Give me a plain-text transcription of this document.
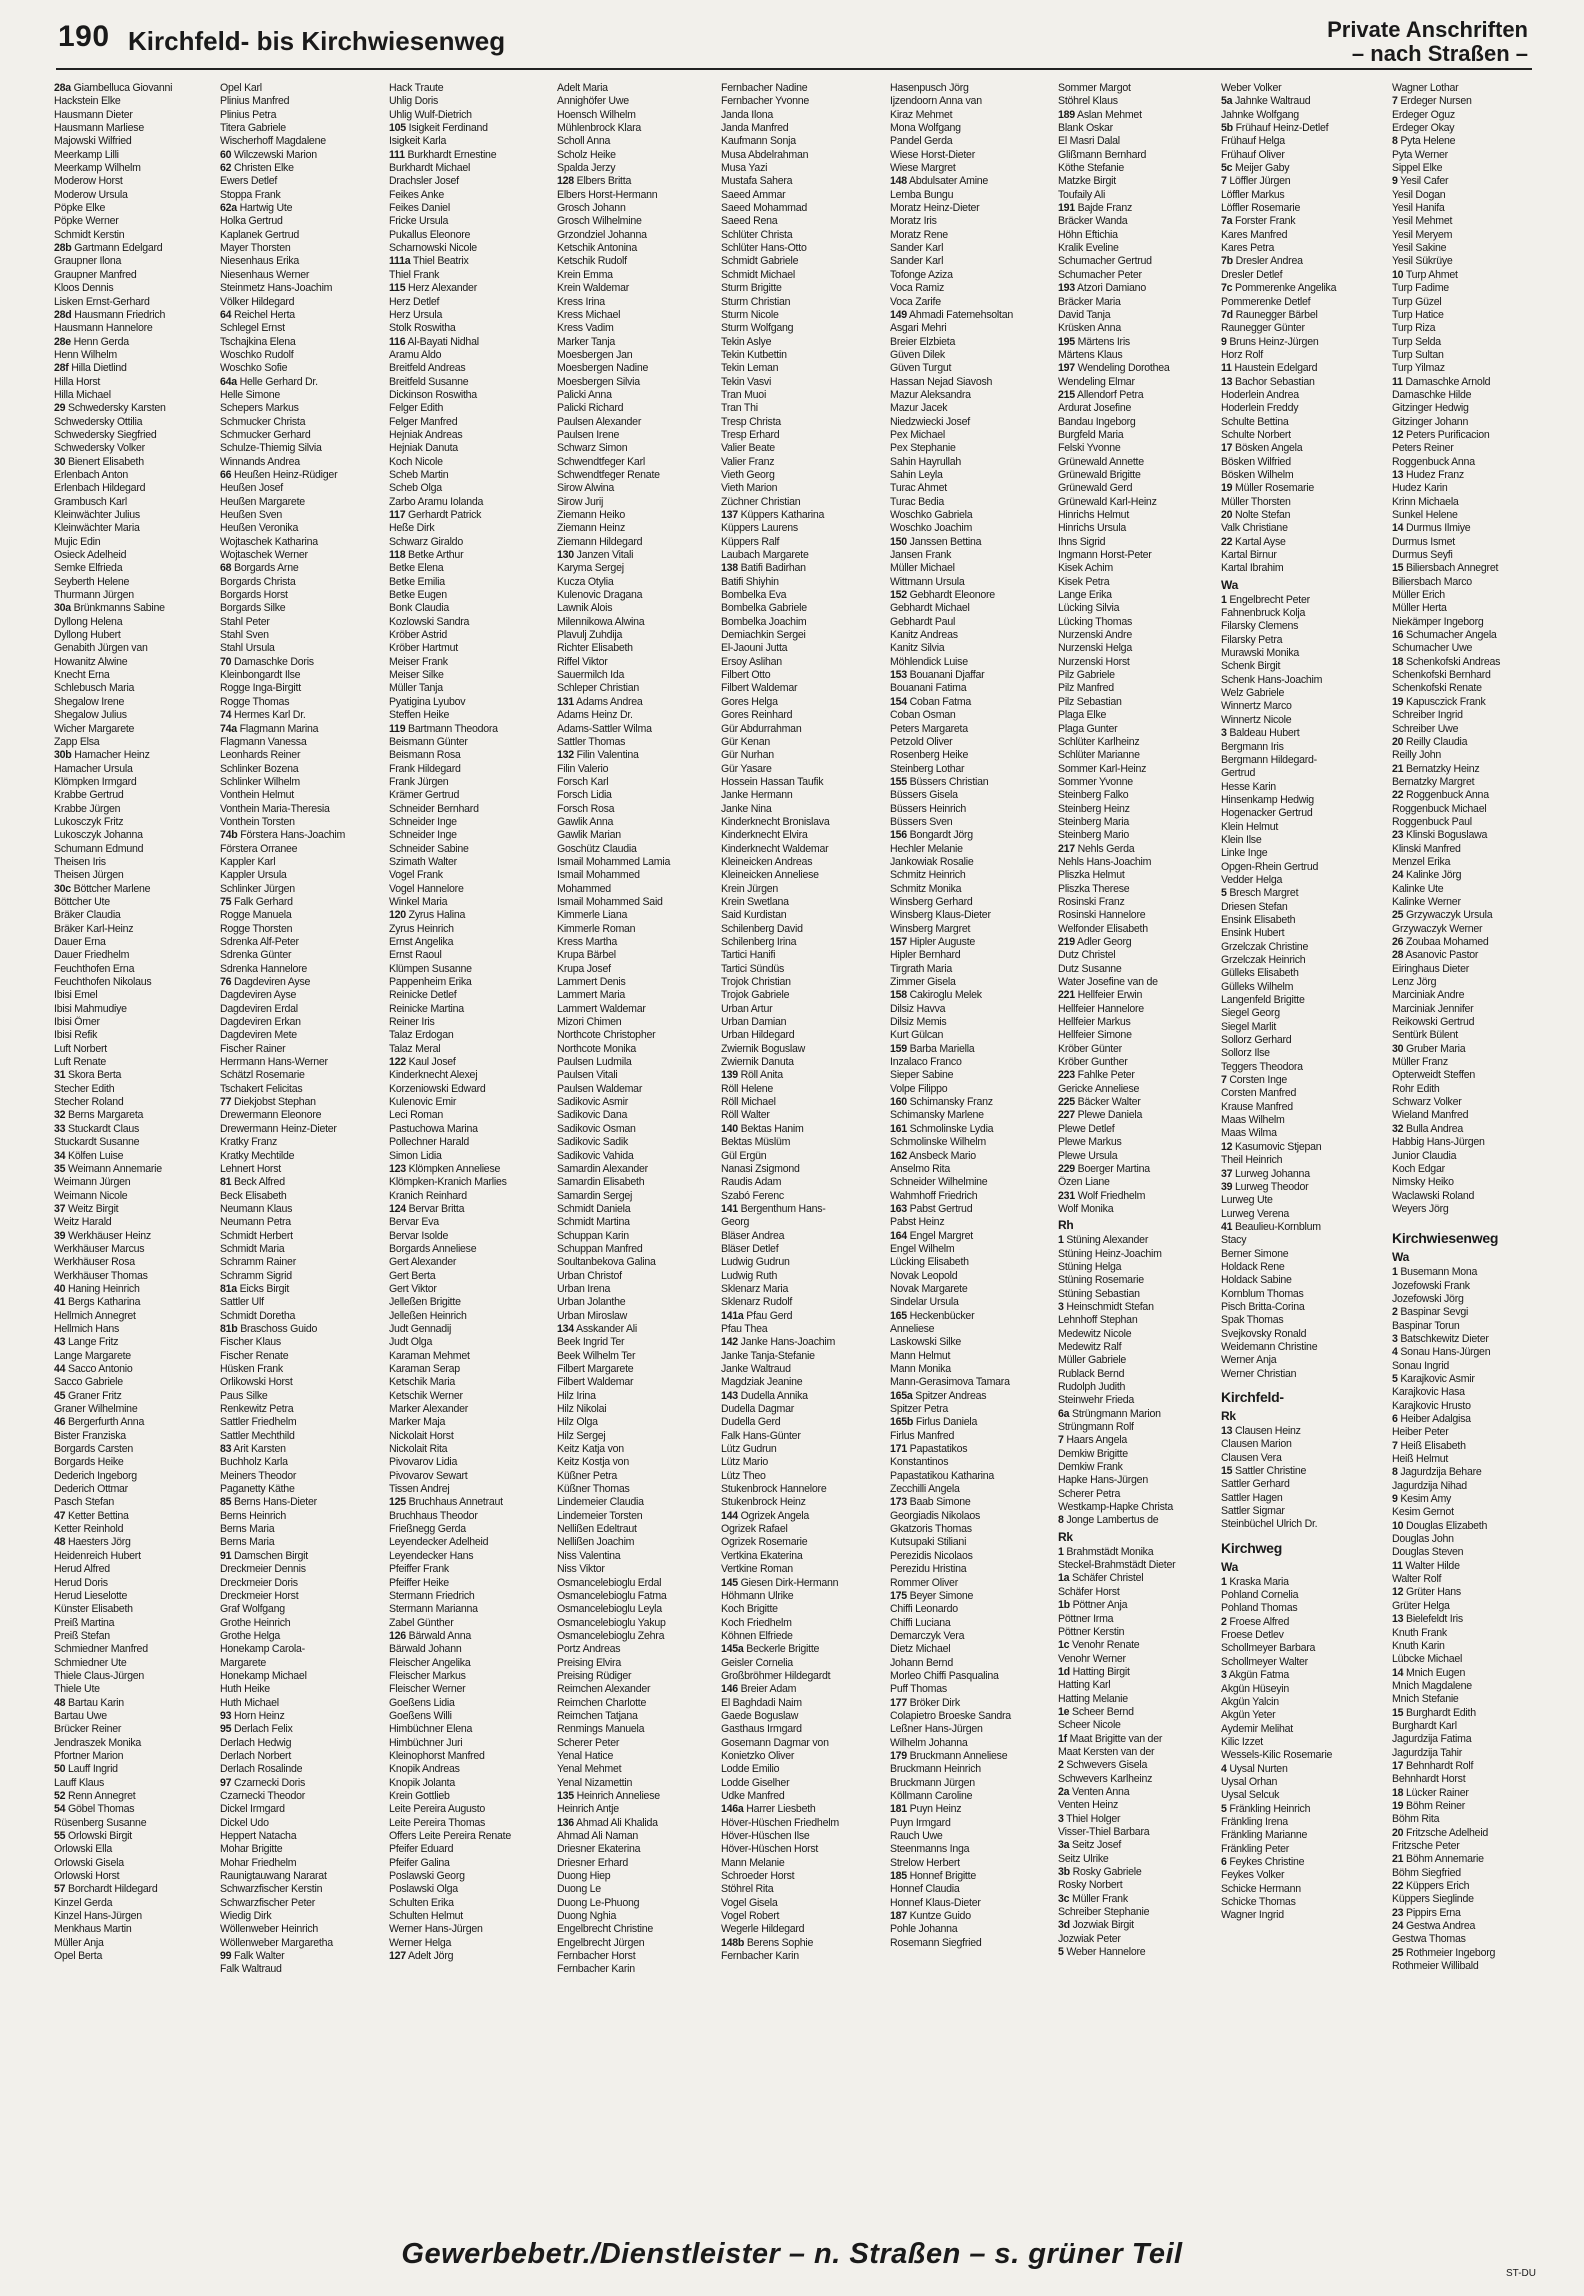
190 Kirchfeld- bis Kirchwiesenweg	Private Anschriften
– nach Straßen –
28a Giambelluca Giovanni
Hackstein Elke
Hausmann Dieter
Hausmann Marliese
Majowski Wilfried
Meerkamp Lilli
Meerkamp Wilhelm
Moderow Horst
Moderow Ursula
Pöpke Elke
Pöpke Werner
Schmidt Kerstin
28b Gartmann Edelgard
Graupner Ilona
Graupner Manfred
Kloos Dennis
Lisken Ernst-Gerhard
28d Hausmann Friedrich
Hausmann Hannelore
28e Henn Gerda
Henn Wilhelm
28f Hilla Dietlind
Hilla Horst
Hilla Michael
29 Schwedersky Karsten
Schwedersky Ottilia
Schwedersky Siegfried
Schwedersky Volker
30 Bienert Elisabeth
Erlenbach Anton
Erlenbach Hildegard
Grambusch Karl
Kleinwächter Julius
Kleinwächter Maria
Mujic Edin
Osieck Adelheid
Semke Elfrieda
Seyberth Helene
Thurmann Jürgen
30a Brünkmanns Sabine
Dyllong Helena
Dyllong Hubert
Genabith Jürgen van
Howanitz Alwine
Knecht Erna
Schlebusch Maria
Shegalow Irene
Shegalow Julius
Wicher Margarete
Zapp Elsa
30b Hamacher Heinz
Hamacher Ursula
Klömpken Irmgard
Krabbe Gertrud
Krabbe Jürgen
Lukosczyk Fritz
Lukosczyk Johanna
Schumann Edmund
Theisen Iris
Theisen Jürgen
30c Böttcher Marlene
Böttcher Ute
Bräker Claudia
Bräker Karl-Heinz
Dauer Erna
Dauer Friedhelm
Feuchthofen Erna
Feuchthofen Nikolaus
Ibisi Emel
Ibisi Mahmudiye
Ibisi Ömer
Ibisi Refik
Luft Norbert
Luft Renate
31 Skora Berta
Stecher Edith
Stecher Roland
32 Berns Margareta
33 Stuckardt Claus
Stuckardt Susanne
34 Kölfen Luise
35 Weimann Annemarie
Weimann Jürgen
Weimann Nicole
37 Weitz Birgit
Weitz Harald
39 Werkhäuser Heinz
Werkhäuser Marcus
Werkhäuser Rosa
Werkhäuser Thomas
40 Haning Heinrich
41 Bergs Katharina
Hellmich Annegret
Hellmich Hans
43 Lange Fritz
Lange Margarete
44 Sacco Antonio
Sacco Gabriele
45 Graner Fritz
Graner Wilhelmine
46 Bergerfurth Anna
Bister Franziska
Borgards Carsten
Borgards Heike
Dederich Ingeborg
Dederich Ottmar
Pasch Stefan
47 Ketter Bettina
Ketter Reinhold
48 Haesters Jörg
Heidenreich Hubert
Herud Alfred
Herud Doris
Herud Lieselotte
Künster Elisabeth
Preiß Martina
Preiß Stefan
Schmiedner Manfred
Schmiedner Ute
Thiele Claus-Jürgen
Thiele Ute
48 Bartau Karin
Bartau Uwe
Brücker Reiner
Jendraszek Monika
Pfortner Marion
50 Lauff Ingrid
Lauff Klaus
52 Renn Annegret
54 Göbel Thomas
Rüsenberg Susanne
55 Orlowski Birgit
Orlowski Ella
Orlowski Gisela
Orlowski Horst
57 Borchardt Hildegard
Kinzel Gerda
Kinzel Hans-Jürgen
Menkhaus Martin
Müller Anja
Opel Berta
Opel Karl
Plinius Manfred
Plinius Petra
Titera Gabriele
Wischerhoff Magdalene
60 Wilczewski Marion
62 Christen Elke
Ewers Detlef
Stoppa Frank
62a Hartwig Ute
Holka Gertrud
Kaplanek Gertrud
Mayer Thorsten
Niesenhaus Erika
Niesenhaus Werner
Steinmetz Hans-Joachim
Völker Hildegard
64 Reichel Herta
Schlegel Ernst
Tschajkina Elena
Woschko Rudolf
Woschko Sofie
64a Helle Gerhard Dr.
Helle Simone
Schepers Markus
Schmucker Christa
Schmucker Gerhard
Schulze-Thiemig Silvia
Winnands Andrea
66 Heußen Heinz-Rüdiger
Heußen Josef
Heußen Margarete
Heußen Sven
Heußen Veronika
Wojtaschek Katharina
Wojtaschek Werner
68 Borgards Arne
Borgards Christa
Borgards Horst
Borgards Silke
Stahl Peter
Stahl Sven
Stahl Ursula
70 Damaschke Doris
Kleinbongardt Ilse
Rogge Inga-Birgitt
Rogge Thomas
74 Hermes Karl Dr.
74a Flagmann Marina
Flagmann Vanessa
Leonhards Reiner
Schlinker Bozena
Schlinker Wilhelm
Vonthein Helmut
Vonthein Maria-Theresia
Vonthein Torsten
74b Förstera Hans-Joachim
Förstera Orranee
Kappler Karl
Kappler Ursula
Schlinker Jürgen
75 Falk Gerhard
Rogge Manuela
Rogge Thorsten
Sdrenka Alf-Peter
Sdrenka Günter
Sdrenka Hannelore
76 Dagdeviren Ayse
Dagdeviren Ayse
Dagdeviren Erdal
Dagdeviren Erkan
Dagdeviren Mete
Fischer Rainer
Herrmann Hans-Werner
Schätzl Rosemarie
Tschakert Felicitas
77 Diekjobst Stephan
Drewermann Eleonore
Drewermann Heinz-Dieter
Kratky Franz
Kratky Mechtilde
Lehnert Horst
81 Beck Alfred
Beck Elisabeth
Neumann Klaus
Neumann Petra
Schmidt Herbert
Schmidt Maria
Schramm Rainer
Schramm Sigrid
81a Eicks Birgit
Sattler Ulf
Schmidt Doretha
81b Braschoss Guido
Fischer Klaus
Fischer Renate
Hüsken Frank
Orlikowski Horst
Paus Silke
Renkewitz Petra
Sattler Friedhelm
Sattler Mechthild
83 Arit Karsten
Buchholz Karla
Meiners Theodor
Paganetty Käthe
85 Berns Hans-Dieter
Berns Heinrich
Berns Maria
Berns Maria
91 Damschen Birgit
Dreckmeier Dennis
Dreckmeier Doris
Dreckmeier Horst
Graf Wolfgang
Grothe Heinrich
Grothe Helga
Honekamp Carola-
Margarete
Honekamp Michael
Huth Heike
Huth Michael
93 Horn Heinz
95 Derlach Felix
Derlach Hedwig
Derlach Norbert
Derlach Rosalinde
97 Czarnecki Doris
Czarnecki Theodor
Dickel Irmgard
Dickel Udo
Heppert Natacha
Mohar Brigitte
Mohar Friedhelm
Raunigtauwang Nararat
Schwarzfischer Kerstin
Schwarzfischer Peter
Wiedig Dirk
Wöllenweber Heinrich
Wöllenweber Margaretha
99 Falk Walter
Falk Waltraud
Hack Traute
Uhlig Doris
Uhlig Wulf-Dietrich
105 Isigkeit Ferdinand
Isigkeit Karla
111 Burkhardt Ernestine
Burkhardt Michael
Drachsler Josef
Feikes Anke
Feikes Daniel
Fricke Ursula
Pukallus Eleonore
Scharnowski Nicole
111a Thiel Beatrix
Thiel Frank
115 Herz Alexander
Herz Detlef
Herz Ursula
Stolk Roswitha
116 Al-Bayati Nidhal
Aramu Aldo
Breitfeld Andreas
Breitfeld Susanne
Dickinson Roswitha
Felger Edith
Felger Manfred
Hejniak Andreas
Hejniak Danuta
Koch Nicole
Scheb Martin
Scheb Olga
Zarbo Aramu Iolanda
117 Gerhardt Patrick
Heße Dirk
Schwarz Giraldo
118 Betke Arthur
Betke Elena
Betke Emilia
Betke Eugen
Bonk Claudia
Kozlowski Sandra
Kröber Astrid
Kröber Hartmut
Meiser Frank
Meiser Silke
Müller Tanja
Pyatigina Lyubov
Steffen Heike
119 Bartmann Theodora
Beismann Günter
Beismann Rosa
Frank Hildegard
Frank Jürgen
Krämer Gertrud
Schneider Bernhard
Schneider Inge
Schneider Inge
Schneider Sabine
Szimath Walter
Vogel Frank
Vogel Hannelore
Winkel Maria
120 Zyrus Halina
Zyrus Heinrich
Ernst Angelika
Ernst Raoul
Klümpen Susanne
Pappenheim Erika
Reinicke Detlef
Reinicke Martina
Reiner Iris
Talaz Erdogan
Talaz Meral
122 Kaul Josef
Kinderknecht Alexej
Korzeniowski Edward
Kulenovic Emir
Leci Roman
Pastuchowa Marina
Pollechner Harald
Simon Lidia
123 Klömpken Anneliese
Klömpken-Kranich Marlies
Kranich Reinhard
124 Bervar Britta
Bervar Eva
Bervar Isolde
Borgards Anneliese
Gert Alexander
Gert Berta
Gert Viktor
Jelleßen Brigitte
Jelleßen Heinrich
Judt Gennadij
Judt Olga
Karaman Mehmet
Karaman Serap
Ketschik Maria
Ketschik Werner
Marker Alexander
Marker Maja
Nickolait Horst
Nickolait Rita
Pivovarov Lidia
Pivovarov Sewart
Tissen Andrej
125 Bruchhaus Annetraut
Bruchhaus Theodor
Frießnegg Gerda
Leyendecker Adelheid
Leyendecker Hans
Pfeiffer Frank
Pfeiffer Heike
Stermann Friedrich
Stermann Marianna
Zabel Günther
126 Bärwald Anna
Bärwald Johann
Fleischer Angelika
Fleischer Markus
Fleischer Werner
Goeßens Lidia
Goeßens Willi
Himbüchner Elena
Himbüchner Juri
Kleinophorst Manfred
Knopik Andreas
Knopik Jolanta
Krein Gottlieb
Leite Pereira Augusto
Leite Pereira Thomas
Offers Leite Pereira Renate
Pfeifer Eduard
Pfeifer Galina
Poslawski Georg
Poslawski Olga
Schulten Erika
Schulten Helmut
Werner Hans-Jürgen
Werner Helga
127 Adelt Jörg
Adelt Maria
Annighöfer Uwe
Hoensch Wilhelm
Mühlenbrock Klara
Scholl Anna
Scholz Heike
Spalda Jerzy
128 Elbers Britta
Elbers Horst-Hermann
Grosch Johann
Grosch Wilhelmine
Grzondziel Johanna
Ketschik Antonina
Ketschik Rudolf
Krein Emma
Krein Waldemar
Kress Irina
Kress Michael
Kress Vadim
Marker Tanja
Moesbergen Jan
Moesbergen Nadine
Moesbergen Silvia
Palicki Anna
Palicki Richard
Paulsen Alexander
Paulsen Irene
Schwarz Simon
Schwendtfeger Karl
Schwendtfeger Renate
Sirow Alwina
Sirow Jurij
Ziemann Heiko
Ziemann Heinz
Ziemann Hildegard
130 Janzen Vitali
Karyma Sergej
Kucza Otylia
Kulenovic Dragana
Lawnik Alois
Milennikowa Alwina
Plavulj Zuhdija
Richter Elisabeth
Riffel Viktor
Sauermilch Ida
Schleper Christian
131 Adams Andrea
Adams Heinz Dr.
Adams-Sattler Wilma
Sattler Thomas
132 Filin Valentina
Filin Valerio
Forsch Karl
Forsch Lidia
Forsch Rosa
Gawlik Anna
Gawlik Marian
Goschütz Claudia
Ismail Mohammed Lamia
Ismail Mohammed
Mohammed
Ismail Mohammed Said
Kimmerle Liana
Kimmerle Roman
Kress Martha
Krupa Bärbel
Krupa Josef
Lammert Denis
Lammert Maria
Lammert Waldemar
Mizori Chimen
Northcote Christopher
Northcote Monika
Paulsen Ludmila
Paulsen Vitali
Paulsen Waldemar
Sadikovic Asmir
Sadikovic Dana
Sadikovic Osman
Sadikovic Sadik
Sadikovic Vahida
Samardin Alexander
Samardin Elisabeth
Samardin Sergej
Schmidt Daniela
Schmidt Martina
Schuppan Karin
Schuppan Manfred
Soultanbekova Galina
Urban Christof
Urban Irena
Urban Jolanthe
Urban Miroslaw
134 Asskander Ali
Beek Ingrid Ter
Beek Wilhelm Ter
Filbert Margarete
Filbert Waldemar
Hilz Irina
Hilz Nikolai
Hilz Olga
Hilz Sergej
Keitz Katja von
Keitz Kostja von
Küßner Petra
Küßner Thomas
Lindemeier Claudia
Lindemeier Torsten
Nellißen Edeltraut
Nellißen Joachim
Niss Valentina
Niss Viktor
Osmancelebioglu Erdal
Osmancelebioglu Fatma
Osmancelebioglu Leyla
Osmancelebioglu Yakup
Osmancelebioglu Zehra
Portz Andreas
Preising Elvira
Preising Rüdiger
Reimchen Alexander
Reimchen Charlotte
Reimchen Tatjana
Renmings Manuela
Scherer Peter
Yenal Hatice
Yenal Mehmet
Yenal Nizamettin
135 Heinrich Anneliese
Heinrich Antje
136 Ahmad Ali Khalida
Ahmad Ali Naman
Driesner Ekaterina
Driesner Erhard
Duong Hiep
Duong Le
Duong Le-Phuong
Duong Nghia
Engelbrecht Christine
Engelbrecht Jürgen
Fernbacher Horst
Fernbacher Karin
Fernbacher Nadine
Fernbacher Yvonne
Janda Ilona
Janda Manfred
Kaufmann Sonja
Musa Abdelrahman
Musa Yazi
Mustafa Sahera
Saeed Ammar
Saeed Mohammad
Saeed Rena
Schlüter Christa
Schlüter Hans-Otto
Schmidt Gabriele
Schmidt Michael
Sturm Brigitte
Sturm Christian
Sturm Nicole
Sturm Wolfgang
Tekin Aslye
Tekin Kutbettin
Tekin Leman
Tekin Vasvi
Tran Muoi
Tran Thi
Tresp Christa
Tresp Erhard
Valier Beate
Valier Franz
Vieth Georg
Vieth Marion
Züchner Christian
137 Küppers Katharina
Küppers Laurens
Küppers Ralf
Laubach Margarete
138 Batifi Badirhan
Batifi Shiyhin
Bombelka Eva
Bombelka Gabriele
Bombelka Joachim
Demiachkin Sergei
El-Jaouni Jutta
Ersoy Aslihan
Filbert Otto
Filbert Waldemar
Gores Helga
Gores Reinhard
Gür Abdurrahman
Gür Kenan
Gür Nurhan
Gür Yasare
Hossein Hassan Taufik
Janke Hermann
Janke Nina
Kinderknecht Bronislava
Kinderknecht Elvira
Kinderknecht Waldemar
Kleineicken Andreas
Kleineicken Anneliese
Krein Jürgen
Krein Swetlana
Said Kurdistan
Schilenberg David
Schilenberg Irina
Tartici Hanifi
Tartici Sündüs
Trojok Christian
Trojok Gabriele
Urban Artur
Urban Damian
Urban Hildegard
Zwiernik Boguslaw
Zwiernik Danuta
139 Röll Anita
Röll Helene
Röll Michael
Röll Walter
140 Bektas Hanim
Bektas Müslüm
Gül Ergün
Nanasi Zsigmond
Raudis Adam
Szabó Ferenc
141 Bergenthum Hans-
Georg
Bläser Andrea
Bläser Detlef
Ludwig Gudrun
Ludwig Ruth
Sklenarz Maria
Sklenarz Rudolf
141a Pfau Gerd
Pfau Thea
142 Janke Hans-Joachim
Janke Tanja-Stefanie
Janke Waltraud
Magdziak Jeanine
143 Dudella Annika
Dudella Dagmar
Dudella Gerd
Falk Hans-Günter
Lütz Gudrun
Lütz Mario
Lütz Theo
Stukenbrock Hannelore
Stukenbrock Heinz
144 Ogrizek Angela
Ogrizek Rafael
Ogrizek Rosemarie
Vertkina Ekaterina
Vertkine Roman
145 Giesen Dirk-Hermann
Höhmann Ulrike
Koch Brigitte
Koch Friedhelm
Köhnen Elfriede
145a Beckerle Brigitte
Geisler Cornelia
Großbröhmer Hildegardt
146 Breier Adam
El Baghdadi Naim
Gaede Boguslaw
Gasthaus Irmgard
Gosemann Dagmar von
Konietzko Oliver
Lodde Emilio
Lodde Giselher
Udke Manfred
146a Harrer Liesbeth
Höver-Hüschen Friedhelm
Höver-Hüschen Ilse
Höver-Hüschen Horst
Mann Melanie
Schroeder Horst
Stöhrel Rita
Vogel Gisela
Vogel Robert
Wegerle Hildegard
148b Berens Sophie
Fernbacher Karin
Hasenpusch Jörg
Ijzendoorn Anna van
Kiraz Mehmet
Mona Wolfgang
Pandel Gerda
Wiese Horst-Dieter
Wiese Margret
148 Abdulsater Amine
Lemba Bungu
Moratz Heinz-Dieter
Moratz Iris
Moratz Rene
Sander Karl
Sander Karl
Tofonge Aziza
Voca Ramiz
Voca Zarife
149 Ahmadi Fatemehsoltan
Asgari Mehri
Breier Elzbieta
Güven Dilek
Güven Turgut
Hassan Nejad Siavosh
Mazur Aleksandra
Mazur Jacek
Niedzwiecki Josef
Pex Michael
Pex Stephanie
Sahin Hayrullah
Sahin Leyla
Turac Ahmet
Turac Bedia
Woschko Gabriela
Woschko Joachim
150 Janssen Bettina
Jansen Frank
Müller Michael
Wittmann Ursula
152 Gebhardt Eleonore
Gebhardt Michael
Gebhardt Paul
Kanitz Andreas
Kanitz Silvia
Möhlendick Luise
153 Bouanani Djaffar
Bouanani Fatima
154 Coban Fatma
Coban Osman
Peters Margareta
Petzold Oliver
Rosenberg Heike
Steinberg Lothar
155 Büssers Christian
Büssers Gisela
Büssers Heinrich
Büssers Sven
156 Bongardt Jörg
Hechler Melanie
Jankowiak Rosalie
Schmitz Heinrich
Schmitz Monika
Winsberg Gerhard
Winsberg Klaus-Dieter
Winsberg Margret
157 Hipler Auguste
Hipler Bernhard
Tirgrath Maria
Zimmer Gisela
158 Cakiroglu Melek
Dilsiz Havva
Dilsiz Memis
Kurt Gülcan
159 Barba Mariella
Inzalaco Franco
Sieper Sabine
Volpe Filippo
160 Schimansky Franz
Schimansky Marlene
161 Schmolinske Lydia
Schmolinske Wilhelm
162 Ansbeck Mario
Anselmo Rita
Schneider Wilhelmine
Wahmhoff Friedrich
163 Pabst Gertrud
Pabst Heinz
164 Engel Margret
Engel Wilhelm
Lücking Elisabeth
Novak Leopold
Novak Margarete
Sindelar Ursula
165 Heckenbücker
Anneliese
Laskowski Silke
Mann Helmut
Mann Monika
Mann-Gerasimova Tamara
165a Spitzer Andreas
Spitzer Petra
165b Firlus Daniela
Firlus Manfred
171 Papastatikos
Konstantinos
Papastatikou Katharina
Zecchilli Angela
173 Baab Simone
Georgiadis Nikolaos
Gkatzoris Thomas
Kutsupaki Stiliani
Perezidis Nicolaos
Perezidu Hristina
Rommer Oliver
175 Beyer Simone
Chiffi Leonardo
Chiffi Luciana
Demarczyk Vera
Dietz Michael
Johann Bernd
Morleo Chiffi Pasqualina
Puff Thomas
177 Bröker Dirk
Colapietro Broeske Sandra
Leßner Hans-Jürgen
Wilhelm Johanna
179 Bruckmann Anneliese
Bruckmann Heinrich
Bruckmann Jürgen
Köllmann Caroline
181 Puyn Heinz
Puyn Irmgard
Rauch Uwe
Steenmanns Inga
Strelow Herbert
185 Honnef Brigitte
Honnef Claudia
Honnef Klaus-Dieter
187 Kuntze Guido
Pohle Johanna
Rosemann Siegfried
Sommer Margot
Stöhrel Klaus
189 Aslan Mehmet
Blank Oskar
El Masri Dalal
Glißmann Bernhard
Köthe Stefanie
Matzke Birgit
Toufaily Ali
191 Bajde Franz
Bräcker Wanda
Höhn Eftichia
Kralik Eveline
Schumacher Gertrud
Schumacher Peter
193 Atzori Damiano
Bräcker Maria
David Tanja
Krüsken Anna
195 Märtens Iris
Märtens Klaus
197 Wendeling Dorothea
Wendeling Elmar
215 Allendorf Petra
Ardurat Josefine
Bandau Ingeborg
Burgfeld Maria
Felski Yvonne
Grünewald Annette
Grünewald Brigitte
Grünewald Gerd
Grünewald Karl-Heinz
Hinrichs Helmut
Hinrichs Ursula
Ihns Sigrid
Ingmann Horst-Peter
Kisek Achim
Kisek Petra
Lange Erika
Lücking Silvia
Lücking Thomas
Nurzenski Andre
Nurzenski Helga
Nurzenski Horst
Pilz Gabriele
Pilz Manfred
Pilz Sebastian
Plaga Elke
Plaga Gunter
Schlüter Karlheinz
Schlüter Marianne
Sommer Karl-Heinz
Sommer Yvonne
Steinberg Falko
Steinberg Heinz
Steinberg Maria
Steinberg Mario
217 Nehls Gerda
Nehls Hans-Joachim
Pliszka Helmut
Pliszka Therese
Rosinski Franz
Rosinski Hannelore
Welfonder Elisabeth
219 Adler Georg
Dutz Christel
Dutz Susanne
Water Josefine van de
221 Hellfeier Erwin
Hellfeier Hannelore
Hellfeier Markus
Hellfeier Simone
Kröber Günter
Kröber Gunther
223 Fahlke Peter
Gericke Anneliese
225 Bäcker Walter
227 Plewe Daniela
Plewe Detlef
Plewe Markus
Plewe Ursula
229 Boerger Martina
Özen Liane
231 Wolf Friedhelm
Wolf Monika
Rh
1 Stüning Alexander
Stüning Heinz-Joachim
Stüning Helga
Stüning Rosemarie
Stüning Sebastian
3 Heinschmidt Stefan
Lehnhoff Stephan
Medewitz Nicole
Medewitz Ralf
Müller Gabriele
Rublack Bernd
Rudolph Judith
Steinwehr Frieda
6a Strüngmann Marion
Strüngmann Rolf
7 Haars Angela
Demkiw Brigitte
Demkiw Frank
Hapke Hans-Jürgen
Scherer Petra
Westkamp-Hapke Christa
8 Jonge Lambertus de
Rk
1 Brahmstädt Monika
Steckel-Brahmstädt Dieter
1a Schäfer Christel
Schäfer Horst
1b Pöttner Anja
Pöttner Irma
Pöttner Kerstin
1c Venohr Renate
Venohr Werner
1d Hatting Birgit
Hatting Karl
Hatting Melanie
1e Scheer Bernd
Scheer Nicole
1f Maat Brigitte van der
Maat Kersten van der
2 Schwevers Gisela
Schwevers Karlheinz
2a Venten Anna
Venten Heinz
3 Thiel Holger
Visser-Thiel Barbara
3a Seitz Josef
Seitz Ulrike
3b Rosky Gabriele
Rosky Norbert
3c Müller Frank
Schreiber Stephanie
3d Jozwiak Birgit
Jozwiak Peter
5 Weber Hannelore
Weber Volker
5a Jahnke Waltraud
Jahnke Wolfgang
5b Frühauf Heinz-Detlef
Frühauf Helga
Frühauf Oliver
5c Meijer Gaby
7 Löffler Jürgen
Löffler Markus
Löffler Rosemarie
7a Forster Frank
Kares Manfred
Kares Petra
7b Dresler Andrea
Dresler Detlef
7c Pommerenke Angelika
Pommerenke Detlef
7d Raunegger Bärbel
Raunegger Günter
9 Bruns Heinz-Jürgen
Horz Rolf
11 Haustein Edelgard
13 Bachor Sebastian
Hoderlein Andrea
Hoderlein Freddy
Schulte Bettina
Schulte Norbert
17 Bösken Angela
Bösken Wilfried
Bösken Wilhelm
19 Müller Rosemarie
Müller Thorsten
20 Nolte Stefan
Valk Christiane
22 Kartal Ayse
Kartal Birnur
Kartal Ibrahim
Wa
1 Engelbrecht Peter
Fahnenbruck Kolja
Filarsky Clemens
Filarsky Petra
Murawski Monika
Schenk Birgit
Schenk Hans-Joachim
Welz Gabriele
Winnertz Marco
Winnertz Nicole
3 Baldeau Hubert
Bergmann Iris
Bergmann Hildegard-
Gertrud
Hesse Karin
Hinsenkamp Hedwig
Hogenacker Gertrud
Klein Helmut
Klein Ilse
Linke Inge
Opgen-Rhein Gertrud
Vedder Helga
5 Bresch Margret
Driesen Stefan
Ensink Elisabeth
Ensink Hubert
Grzelczak Christine
Grzelczak Heinrich
Gülleks Elisabeth
Gülleks Wilhelm
Langenfeld Brigitte
Siegel Georg
Siegel Marlit
Sollorz Gerhard
Sollorz Ilse
Teggers Theodora
7 Corsten Inge
Corsten Manfred
Krause Manfred
Maas Wilhelm
Maas Wilma
12 Kasumovic Stjepan
Theil Heinrich
37 Lurweg Johanna
39 Lurweg Theodor
Lurweg Ute
Lurweg Verena
41 Beaulieu-Kornblum
Stacy
Berner Simone
Holdack Rene
Holdack Sabine
Kornblum Thomas
Pisch Britta-Corina
Spak Thomas
Svejkovsky Ronald
Weidemann Christine
Werner Anja
Werner Christian
Kirchfeld-
Rk
13 Clausen Heinz
Clausen Marion
Clausen Vera
15 Sattler Christine
Sattler Gerhard
Sattler Hagen
Sattler Sigmar
Steinbüchel Ulrich Dr.
Kirchweg
Wa
1 Kraska Maria
Pohland Cornelia
Pohland Thomas
2 Froese Alfred
Froese Detlev
Schollmeyer Barbara
Schollmeyer Walter
3 Akgün Fatma
Akgün Hüseyin
Akgün Yalcin
Akgün Yeter
Aydemir Melihat
Kilic Izzet
Wessels-Kilic Rosemarie
4 Uysal Nurten
Uysal Orhan
Uysal Selcuk
5 Fränkling Heinrich
Fränkling Irena
Fränkling Marianne
Fränkling Peter
6 Feykes Christine
Feykes Volker
Schicke Hermann
Schicke Thomas
Wagner Ingrid
Wagner Lothar
7 Erdeger Nursen
Erdeger Oguz
Erdeger Okay
8 Pyta Helene
Pyta Werner
Sippel Elke
9 Yesil Cafer
Yesil Dogan
Yesil Hanifa
Yesil Mehmet
Yesil Meryem
Yesil Sakine
Yesil Sükrüye
10 Turp Ahmet
Turp Fadime
Turp Güzel
Turp Hatice
Turp Riza
Turp Selda
Turp Sultan
Turp Yilmaz
11 Damaschke Arnold
Damaschke Hilde
Gitzinger Hedwig
Gitzinger Johann
12 Peters Purificacion
Peters Reiner
Roggenbuck Anna
13 Hudez Franz
Hudez Karin
Krinn Michaela
Sunkel Helene
14 Durmus Ilmiye
Durmus Ismet
Durmus Seyfi
15 Biliersbach Annegret
Biliersbach Marco
Müller Erich
Müller Herta
Niekämper Ingeborg
16 Schumacher Angela
Schumacher Uwe
18 Schenkofski Andreas
Schenkofski Bernhard
Schenkofski Renate
19 Kapusczick Frank
Schreiber Ingrid
Schreiber Uwe
20 Reilly Claudia
Reilly John
21 Bernatzky Heinz
Bernatzky Margret
22 Roggenbuck Anna
Roggenbuck Michael
Roggenbuck Paul
23 Klinski Boguslawa
Klinski Manfred
Menzel Erika
24 Kalinke Jörg
Kalinke Ute
Kalinke Werner
25 Grzywaczyk Ursula
Grzywaczyk Werner
26 Zoubaa Mohamed
28 Asanovic Pastor
Eiringhaus Dieter
Lenz Jörg
Marciniak Andre
Marciniak Jennifer
Reikowski Gertrud
Sentürk Bülent
30 Gruber Maria
Müller Franz
Opterweidt Steffen
Rohr Edith
Schwarz Volker
Wieland Manfred
32 Bulla Andrea
Habbig Hans-Jürgen
Junior Claudia
Koch Edgar
Nimsky Heiko
Waclawski Roland
Weyers Jörg
Kirchwiesenweg
Wa
1 Busemann Mona
Jozefowski Frank
Jozefowski Jörg
2 Baspinar Sevgi
Baspinar Torun
3 Batschkewitz Dieter
4 Sonau Hans-Jürgen
Sonau Ingrid
5 Karajkovic Asmir
Karajkovic Hasa
Karajkovic Hrusto
6 Heiber Adalgisa
Heiber Peter
7 Heiß Elisabeth
Heiß Helmut
8 Jagurdzija Behare
Jagurdzija Nihad
9 Kesim Amy
Kesim Gernot
10 Douglas Elizabeth
Douglas John
Douglas Steven
11 Walter Hilde
Walter Rolf
12 Grüter Hans
Grüter Helga
13 Bielefeldt Iris
Knuth Frank
Knuth Karin
Lübcke Michael
14 Mnich Eugen
Mnich Magdalene
Mnich Stefanie
15 Burghardt Edith
Burghardt Karl
Jagurdzija Fatima
Jagurdzija Tahir
17 Behnhardt Rolf
Behnhardt Horst
18 Lücker Rainer
19 Böhm Reiner
Böhm Rita
20 Fritzsche Adelheid
Fritzsche Peter
21 Böhm Annemarie
Böhm Siegfried
22 Küppers Erich
Küppers Sieglinde
23 Pippirs Erna
24 Gestwa Andrea
Gestwa Thomas
25 Rothmeier Ingeborg
Rothmeier Willibald
Gewerbebetr./Dienstleister – n. Straßen – s. grüner Teil
ST-DU
